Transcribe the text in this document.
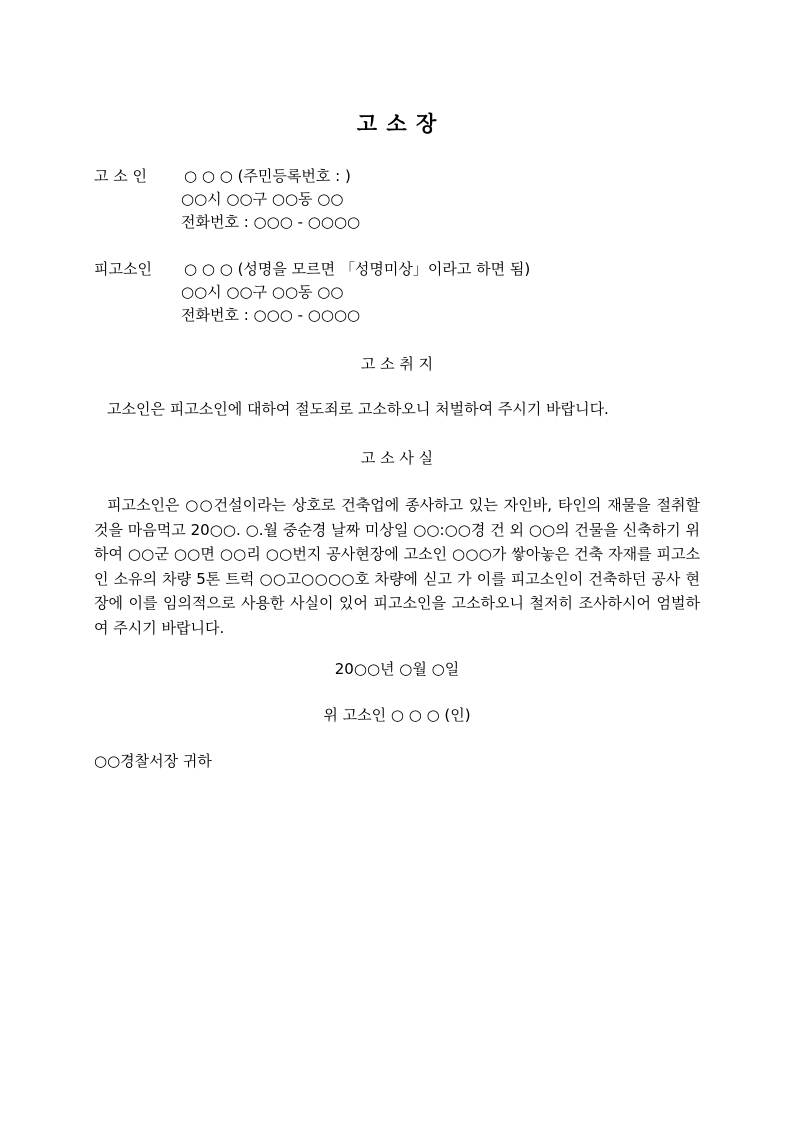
고 소 장
고 소 인 ○ ○ ○ (주민등록번호 : )
○○시 ○○구 ○○동 ○○
전화번호 : ○○○ - ○○○○
피고소인 ○ ○ ○ (성명을 모르면 「성명미상」이라고 하면 됨)
○○시 ○○구 ○○동 ○○
전화번호 : ○○○ - ○○○○
고 소 취 지
고소인은 피고소인에 대하여 절도죄로 고소하오니 처벌하여 주시기 바랍니다.
고 소 사 실
피고소인은 ○○건설이라는 상호로 건축업에 종사하고 있는 자인바, 타인의 재물을 절취할 것을 마음먹고 20○○. ○.월 중순경 날짜 미상일 ○○:○○경 건 외 ○○의 건물을 신축하기 위하여 ○○군 ○○면 ○○리 ○○번지 공사현장에 고소인 ○○○가 쌓아놓은 건축 자재를 피고소인 소유의 차량 5톤 트럭 ○○고○○○○호 차량에 싣고 가 이를 피고소인이 건축하던 공사 현장에 이를 임의적으로 사용한 사실이 있어 피고소인을 고소하오니 철저히 조사하시어 엄벌하여 주시기 바랍니다.
20○○년 ○월 ○일
위 고소인 ○ ○ ○ (인)
○○경찰서장 귀하
